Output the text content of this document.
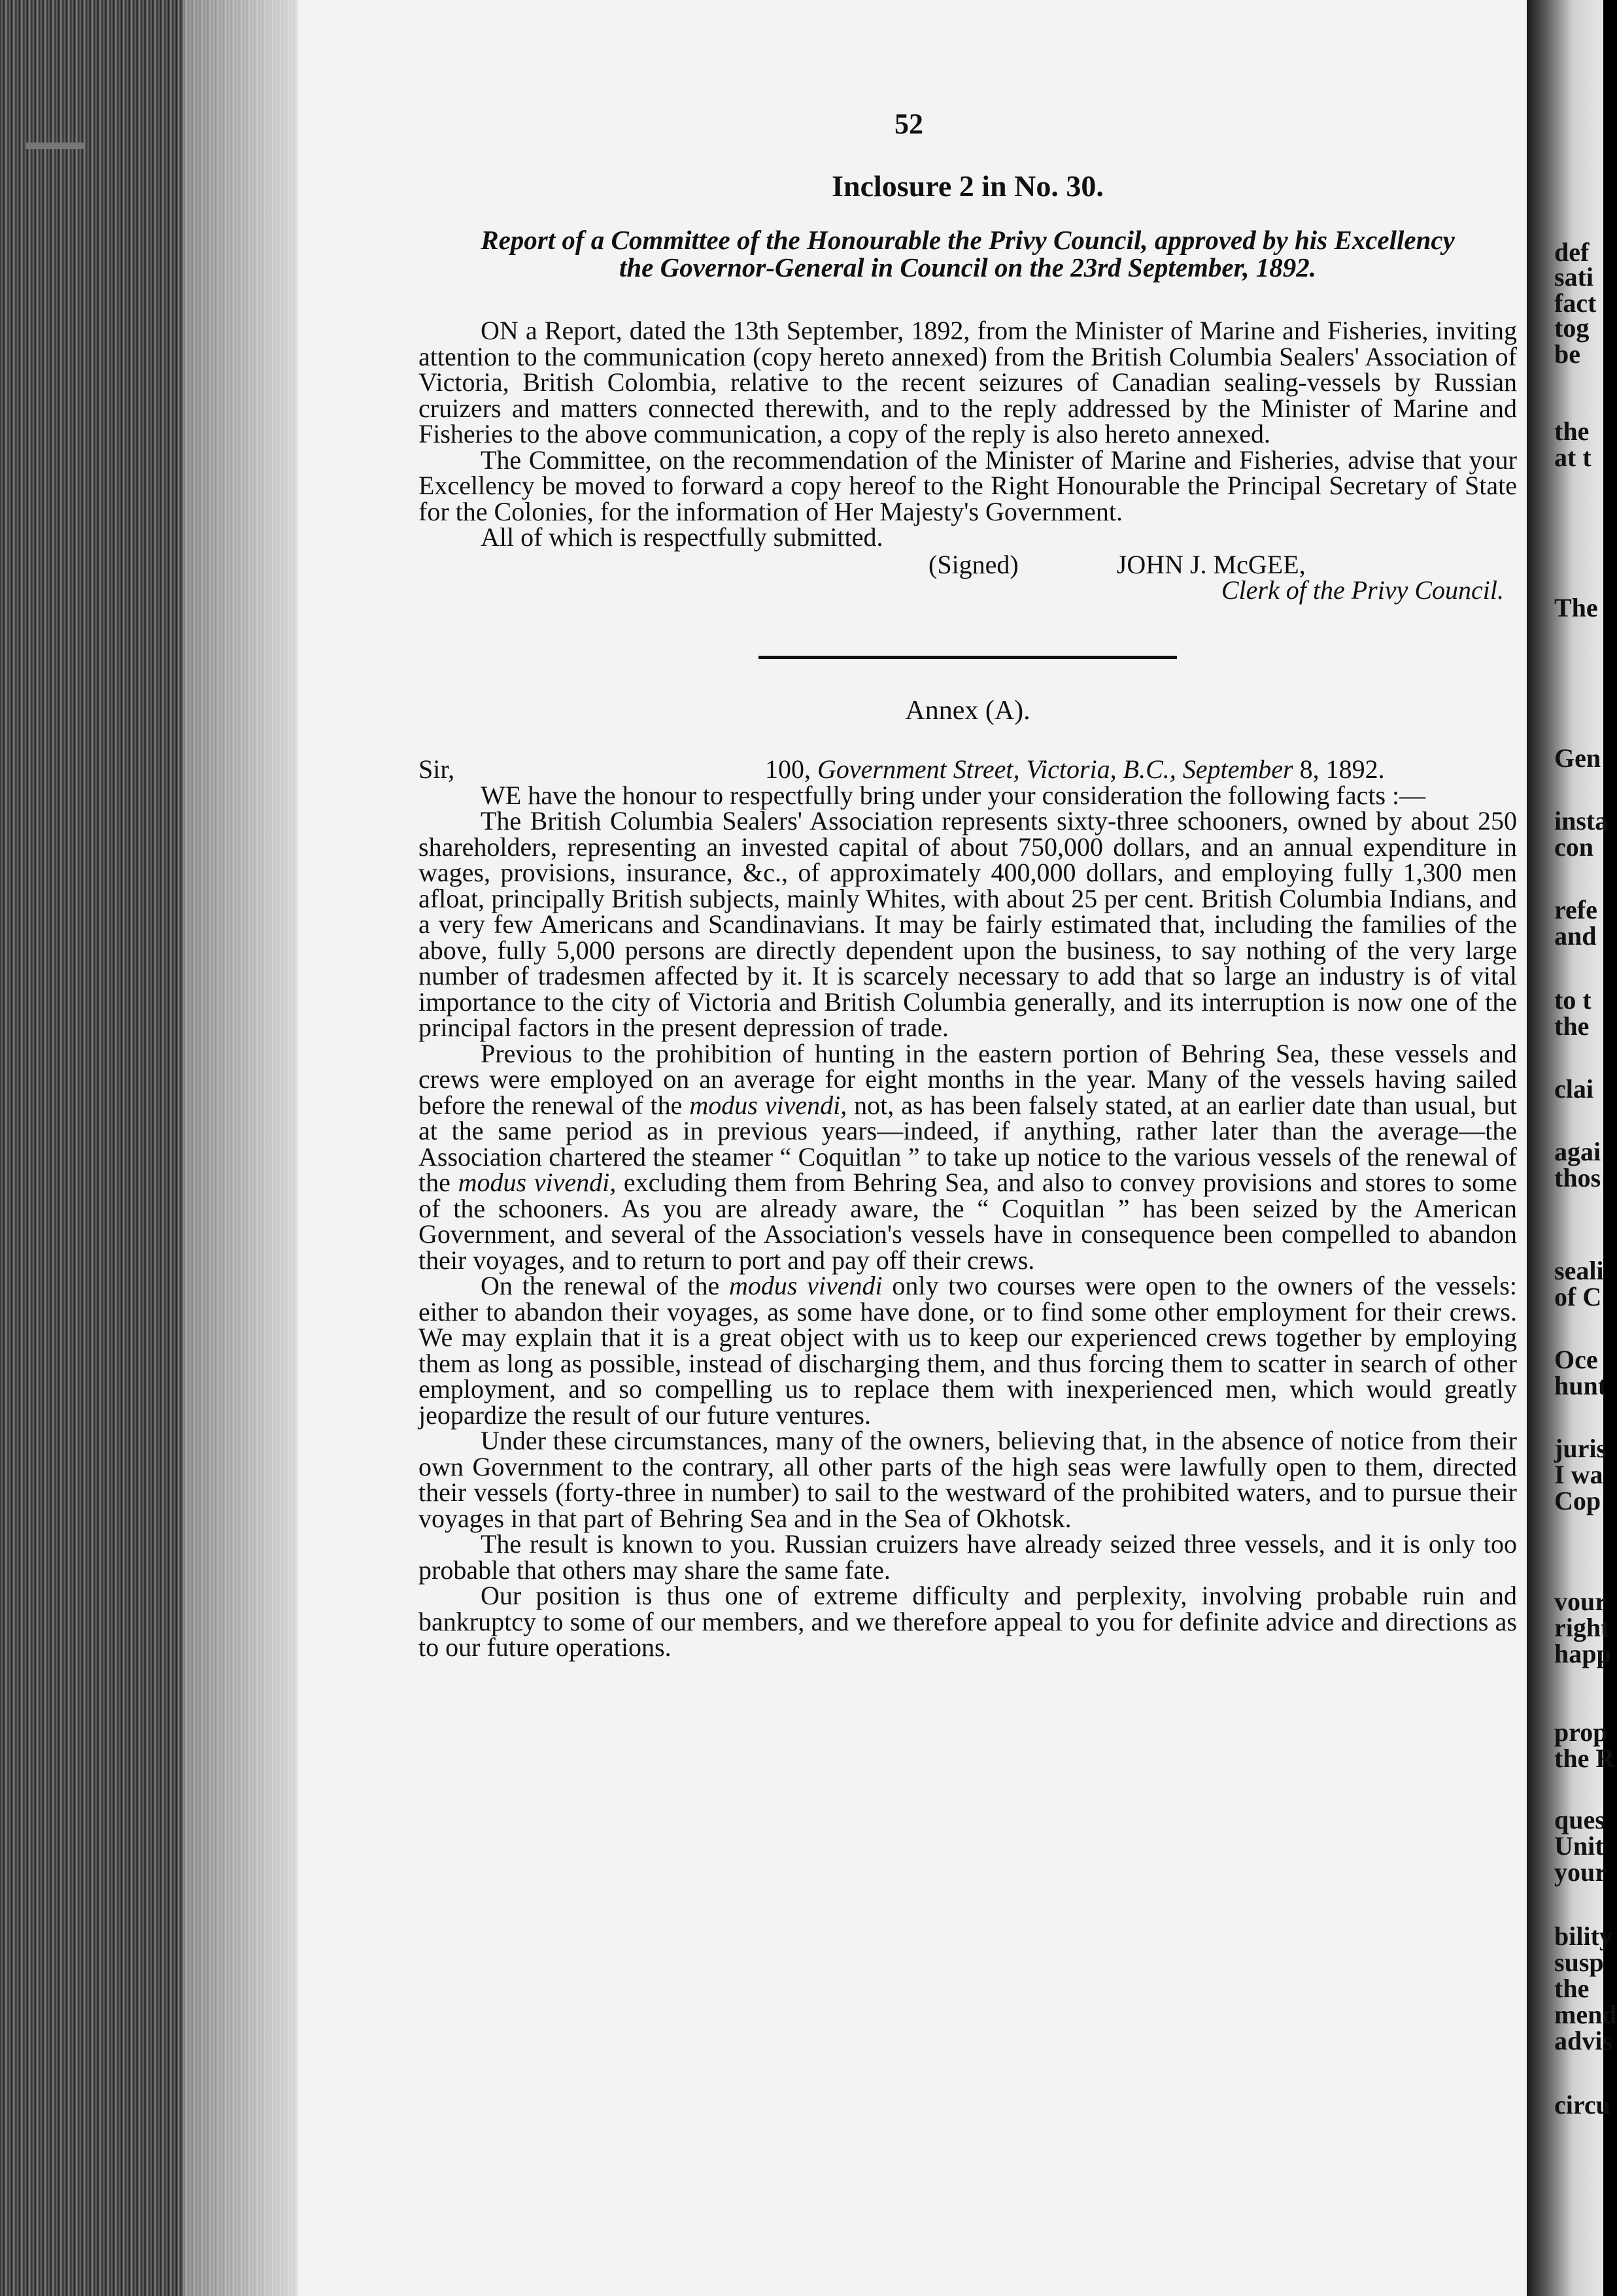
def
sati
fact
tog
be
the
at t
The
Gen
insta
con
refe
and
to t
the
clai
agai
thos
seali
of C
Oce
hunt
juris
I wa
Cop
vour
right
happ
prop
the R
ques
Unit
your
bility
susp
the
mend
advis
circu
52
Inclosure 2 in No. 30.
Report of a Committee of the Honourable the Privy Council, approved by his Excellency
the Governor-General in Council on the 23rd September, 1892.

ON a Report, dated the 13th September, 1892, from the Minister of Marine and Fisheries, inviting attention to the communication (copy hereto annexed) from the British Columbia Sealers' Association of Victoria, British Colombia, relative to the recent seizures of Canadian sealing-vessels by Russian cruizers and matters connected therewith, and to the reply addressed by the Minister of Marine and Fisheries to the above communication, a copy of the reply is also hereto annexed.

The Committee, on the recommendation of the Minister of Marine and Fisheries, advise that your Excellency be moved to forward a copy hereof to the Right Honourable the Principal Secretary of State for the Colonies, for the information of Her Majesty's Government.

All of which is respectfully submitted.

(Signed)	JOHN J. McGEE,
Clerk of the Privy Council.
Annex (A).
Sir,	100, Government Street, Victoria, B.C., September 8, 1892.

WE have the honour to respectfully bring under your consideration the following facts :—

The British Columbia Sealers' Association represents sixty-three schooners, owned by about 250 shareholders, representing an invested capital of about 750,000 dollars, and an annual expenditure in wages, provisions, insurance, &c., of approximately 400,000 dollars, and employing fully 1,300 men afloat, principally British subjects, mainly Whites, with about 25 per cent. British Columbia Indians, and a very few Americans and Scandinavians. It may be fairly estimated that, including the families of the above, fully 5,000 persons are directly dependent upon the business, to say nothing of the very large number of tradesmen affected by it. It is scarcely necessary to add that so large an industry is of vital importance to the city of Victoria and British Columbia generally, and its interruption is now one of the principal factors in the present depression of trade.

Previous to the prohibition of hunting in the eastern portion of Behring Sea, these vessels and crews were employed on an average for eight months in the year. Many of the vessels having sailed before the renewal of the modus vivendi, not, as has been falsely stated, at an earlier date than usual, but at the same period as in previous years—indeed, if anything, rather later than the average—the Association chartered the steamer “ Coquitlan ” to take up notice to the various vessels of the renewal of the modus vivendi, excluding them from Behring Sea, and also to convey provisions and stores to some of the schooners. As you are already aware, the “ Coquitlan ” has been seized by the American Government, and several of the Association's vessels have in consequence been compelled to abandon their voyages, and to return to port and pay off their crews.

On the renewal of the modus vivendi only two courses were open to the owners of the vessels: either to abandon their voyages, as some have done, or to find some other employment for their crews. We may explain that it is a great object with us to keep our experienced crews together by employing them as long as possible, instead of discharging them, and thus forcing them to scatter in search of other employment, and so compelling us to replace them with inexperienced men, which would greatly jeopardize the result of our future ventures.

Under these circumstances, many of the owners, believing that, in the absence of notice from their own Government to the contrary, all other parts of the high seas were lawfully open to them, directed their vessels (forty-three in number) to sail to the westward of the prohibited waters, and to pursue their voyages in that part of Behring Sea and in the Sea of Okhotsk.

The result is known to you. Russian cruizers have already seized three vessels, and it is only too probable that others may share the same fate.

Our position is thus one of extreme difficulty and perplexity, involving probable ruin and bankruptcy to some of our members, and we therefore appeal to you for definite advice and directions as to our future operations.
